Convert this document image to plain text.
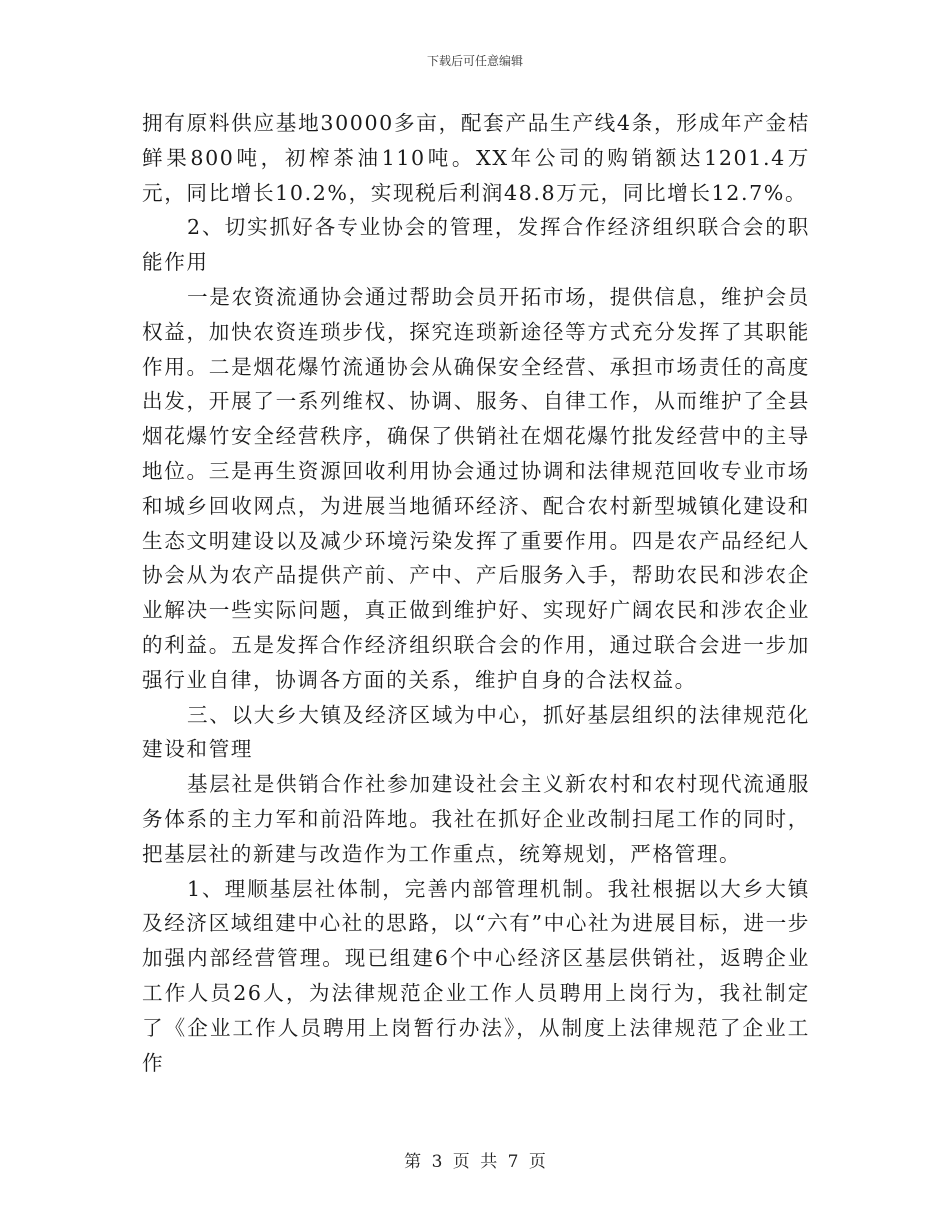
下载后可任意编辑

拥有原料供应基地30000多亩，配套产品生产线4条，形成年产金桔鲜果800吨，初榨茶油110吨。XX年公司的购销额达1201.4万元，同比增长10.2%，实现税后利润48.8万元，同比增长12.7%。

2、切实抓好各专业协会的管理，发挥合作经济组织联合会的职能作用

一是农资流通协会通过帮助会员开拓市场，提供信息，维护会员权益，加快农资连琐步伐，探究连琐新途径等方式充分发挥了其职能作用。二是烟花爆竹流通协会从确保安全经营、承担市场责任的高度出发，开展了一系列维权、协调、服务、自律工作，从而维护了全县烟花爆竹安全经营秩序，确保了供销社在烟花爆竹批发经营中的主导地位。三是再生资源回收利用协会通过协调和法律规范回收专业市场和城乡回收网点，为进展当地循环经济、配合农村新型城镇化建设和生态文明建设以及减少环境污染发挥了重要作用。四是农产品经纪人协会从为农产品提供产前、产中、产后服务入手，帮助农民和涉农企业解决一些实际问题，真正做到维护好、实现好广阔农民和涉农企业的利益。五是发挥合作经济组织联合会的作用，通过联合会进一步加强行业自律，协调各方面的关系，维护自身的合法权益。

三、以大乡大镇及经济区域为中心，抓好基层组织的法律规范化建设和管理

基层社是供销合作社参加建设社会主义新农村和农村现代流通服务体系的主力军和前沿阵地。我社在抓好企业改制扫尾工作的同时，把基层社的新建与改造作为工作重点，统筹规划，严格管理。

1、理顺基层社体制，完善内部管理机制。我社根据以大乡大镇及经济区域组建中心社的思路，以“六有”中心社为进展目标，进一步加强内部经营管理。现已组建6个中心经济区基层供销社，返聘企业工作人员26人，为法律规范企业工作人员聘用上岗行为，我社制定了《企业工作人员聘用上岗暂行办法》，从制度上法律规范了企业工作

第 3 页 共 7 页
